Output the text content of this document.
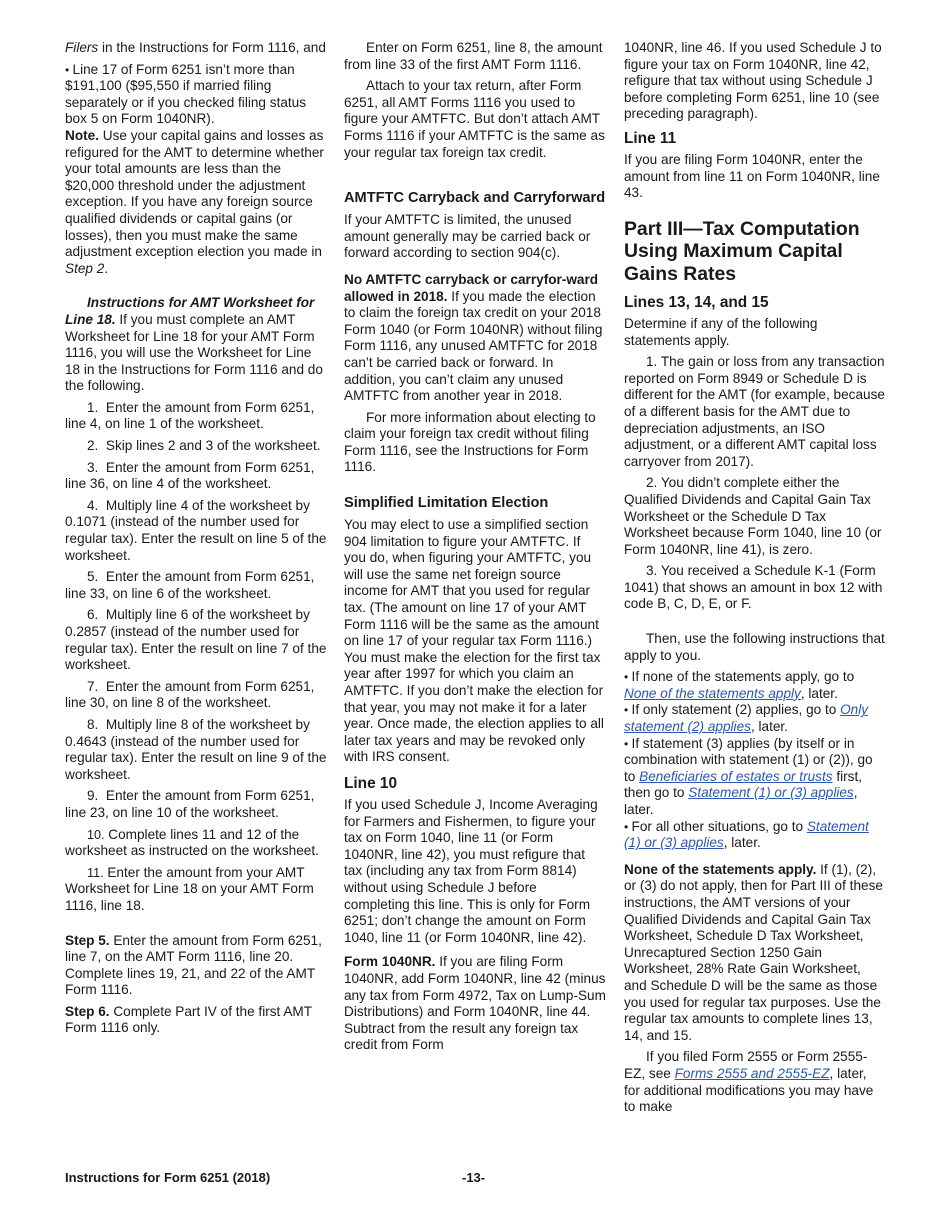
Filers in the Instructions for Form 1116, and

• Line 17 of Form 6251 isn’t more than $191,100 ($95,550 if married filing separately or if you checked filing status box 5 on Form 1040NR).

Note. Use your capital gains and losses as refigured for the AMT to determine whether your total amounts are less than the $20,000 threshold under the adjustment exception. If you have any foreign source qualified dividends or capital gains (or losses), then you must make the same adjustment exception election you made in Step 2.

Instructions for AMT Worksheet for Line 18. If you must complete an AMT Worksheet for Line 18 for your AMT Form 1116, you will use the Worksheet for Line 18 in the Instructions for Form 1116 and do the following.

1. Enter the amount from Form 6251, line 4, on line 1 of the worksheet.

2. Skip lines 2 and 3 of the worksheet.

3. Enter the amount from Form 6251, line 36, on line 4 of the worksheet.

4. Multiply line 4 of the worksheet by 0.1071 (instead of the number used for regular tax). Enter the result on line 5 of the worksheet.

5. Enter the amount from Form 6251, line 33, on line 6 of the worksheet.

6. Multiply line 6 of the worksheet by 0.2857 (instead of the number used for regular tax). Enter the result on line 7 of the worksheet.

7. Enter the amount from Form 6251, line 30, on line 8 of the worksheet.

8. Multiply line 8 of the worksheet by 0.4643 (instead of the number used for regular tax). Enter the result on line 9 of the worksheet.

9. Enter the amount from Form 6251, line 23, on line 10 of the worksheet.

10. Complete lines 11 and 12 of the worksheet as instructed on the worksheet.

11. Enter the amount from your AMT Worksheet for Line 18 on your AMT Form 1116, line 18.

Step 5. Enter the amount from Form 6251, line 7, on the AMT Form 1116, line 20. Complete lines 19, 21, and 22 of the AMT Form 1116.

Step 6. Complete Part IV of the first AMT Form 1116 only.

Enter on Form 6251, line 8, the amount from line 33 of the first AMT Form 1116.

Attach to your tax return, after Form 6251, all AMT Forms 1116 you used to figure your AMTFTC. But don’t attach AMT Forms 1116 if your AMTFTC is the same as your regular tax foreign tax credit.

AMTFTC Carryback and Carryforward

If your AMTFTC is limited, the unused amount generally may be carried back or forward according to section 904(c).

No AMTFTC carryback or carryfor-ward allowed in 2018. If you made the election to claim the foreign tax credit on your 2018 Form 1040 (or Form 1040NR) without filing Form 1116, any unused AMTFTC for 2018 can’t be carried back or forward. In addition, you can’t claim any unused AMTFTC from another year in 2018.

For more information about electing to claim your foreign tax credit without filing Form 1116, see the Instructions for Form 1116.

Simplified Limitation Election

You may elect to use a simplified section 904 limitation to figure your AMTFTC. If you do, when figuring your AMTFTC, you will use the same net foreign source income for AMT that you used for regular tax. (The amount on line 17 of your AMT Form 1116 will be the same as the amount on line 17 of your regular tax Form 1116.) You must make the election for the first tax year after 1997 for which you claim an AMTFTC. If you don’t make the election for that year, you may not make it for a later year. Once made, the election applies to all later tax years and may be revoked only with IRS consent.

Line 10

If you used Schedule J, Income Averaging for Farmers and Fishermen, to figure your tax on Form 1040, line 11 (or Form 1040NR, line 42), you must refigure that tax (including any tax from Form 8814) without using Schedule J before completing this line. This is only for Form 6251; don’t change the amount on Form 1040, line 11 (or Form 1040NR, line 42).

Form 1040NR. If you are filing Form 1040NR, add Form 1040NR, line 42 (minus any tax from Form 4972, Tax on Lump-Sum Distributions) and Form 1040NR, line 44. Subtract from the result any foreign tax credit from Form

1040NR, line 46. If you used Schedule J to figure your tax on Form 1040NR, line 42, refigure that tax without using Schedule J before completing Form 6251, line 10 (see preceding paragraph).

Line 11

If you are filing Form 1040NR, enter the amount from line 11 on Form 1040NR, line 43.

Part III—Tax Computation Using Maximum Capital Gains Rates
Lines 13, 14, and 15

Determine if any of the following statements apply.

1. The gain or loss from any transaction reported on Form 8949 or Schedule D is different for the AMT (for example, because of a different basis for the AMT due to depreciation adjustments, an ISO adjustment, or a different AMT capital loss carryover from 2017).

2. You didn’t complete either the Qualified Dividends and Capital Gain Tax Worksheet or the Schedule D Tax Worksheet because Form 1040, line 10 (or Form 1040NR, line 41), is zero.

3. You received a Schedule K-1 (Form 1041) that shows an amount in box 12 with code B, C, D, E, or F.

Then, use the following instructions that apply to you.

• If none of the statements apply, go to None of the statements apply, later.

• If only statement (2) applies, go to Only statement (2) applies, later.

• If statement (3) applies (by itself or in combination with statement (1) or (2)), go to Beneficiaries of estates or trusts first, then go to Statement (1) or (3) applies, later.

• For all other situations, go to Statement (1) or (3) applies, later.

None of the statements apply. If (1), (2), or (3) do not apply, then for Part III of these instructions, the AMT versions of your Qualified Dividends and Capital Gain Tax Worksheet, Schedule D Tax Worksheet, Unrecaptured Section 1250 Gain Worksheet, 28% Rate Gain Worksheet, and Schedule D will be the same as those you used for regular tax purposes. Use the regular tax amounts to complete lines 13, 14, and 15.

If you filed Form 2555 or Form 2555-EZ, see Forms 2555 and 2555-EZ, later, for additional modifications you may have to make

Instructions for Form 6251 (2018)	-13-
